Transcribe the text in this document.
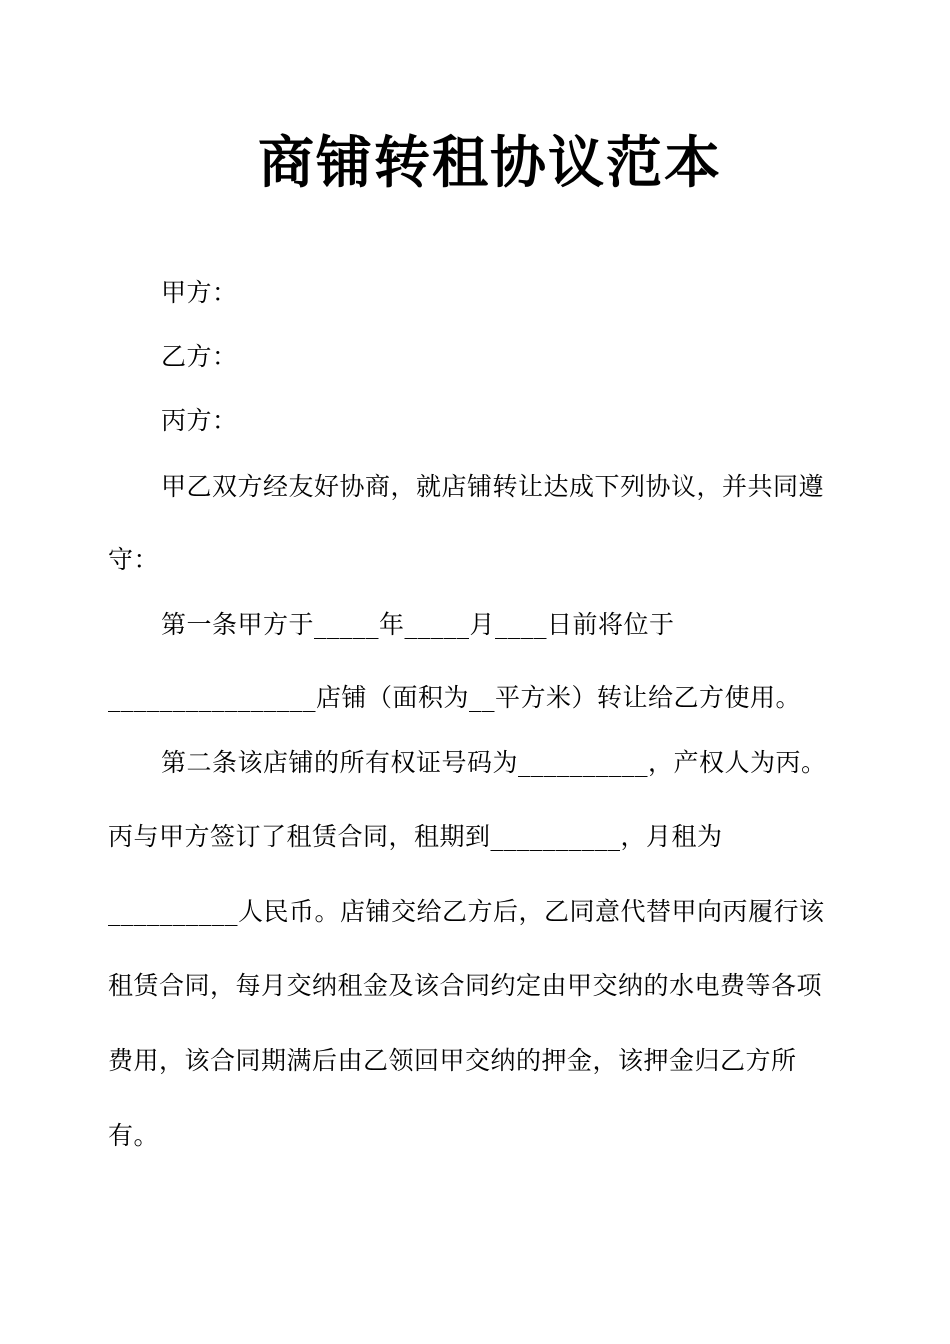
商铺转租协议范本
甲方：
乙方：
丙方：
甲乙双方经友好协商，就店铺转让达成下列协议，并共同遵
守：
第一条甲方于_____年_____月____日前将位于
________________店铺（面积为__平方米）转让给乙方使用。
第二条该店铺的所有权证号码为__________，产权人为丙。
丙与甲方签订了租赁合同，租期到__________，月租为
__________人民币。店铺交给乙方后，乙同意代替甲向丙履行该
租赁合同，每月交纳租金及该合同约定由甲交纳的水电费等各项
费用，该合同期满后由乙领回甲交纳的押金，该押金归乙方所
有。
